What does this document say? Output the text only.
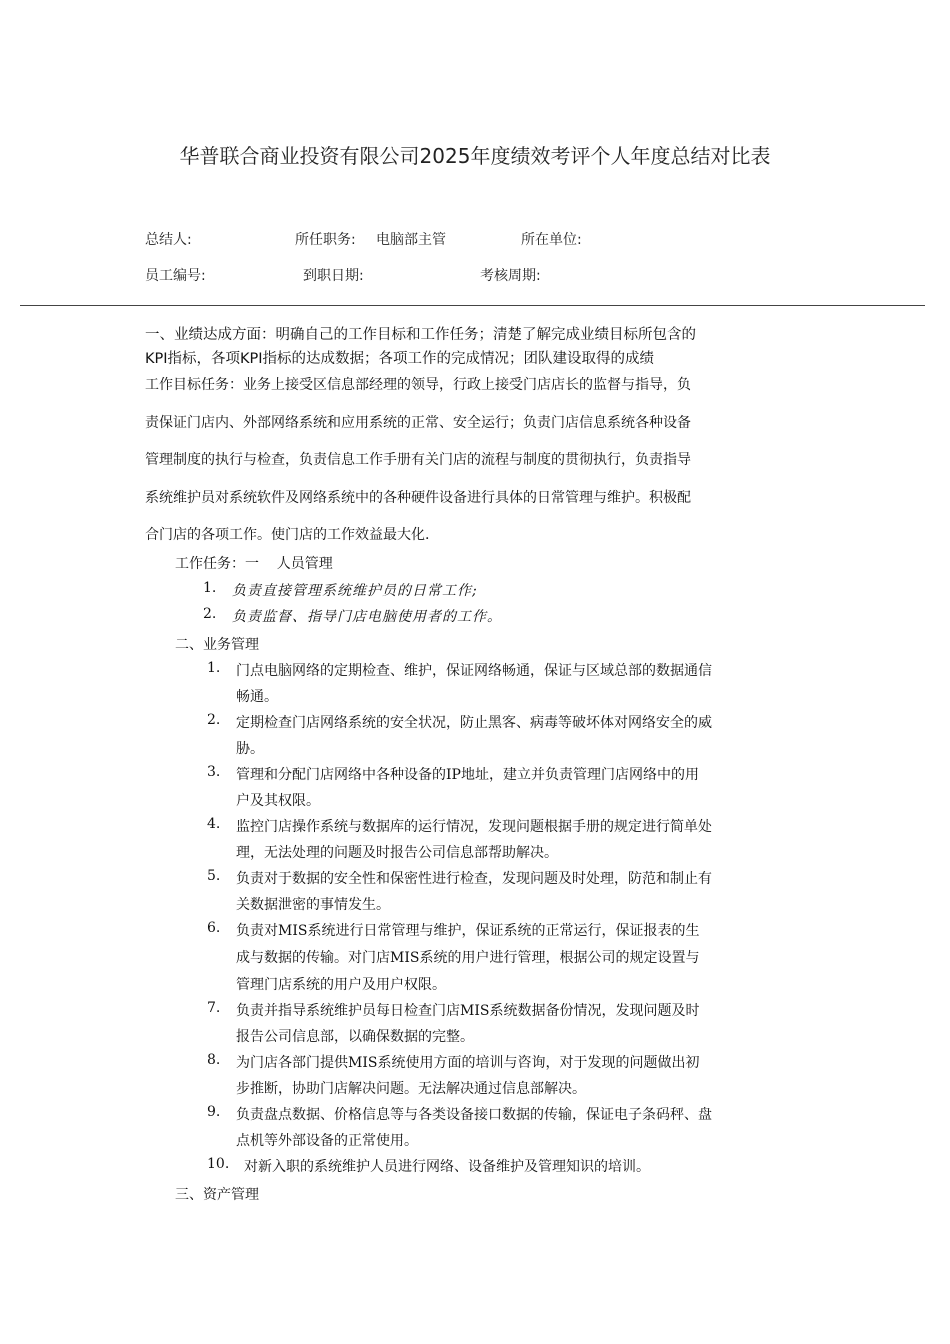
华普联合商业投资有限公司2025年度绩效考评个人年度总结对比表
总结人:	所任职务: 电脑部主管	所在单位:
员工编号:	到职日期:	考核周期:
一、业绩达成方面：明确自己的工作目标和工作任务；清楚了解完成业绩目标所包含的
KPI指标，各项KPI指标的达成数据；各项工作的完成情况；团队建设取得的成绩
工作目标任务：业务上接受区信息部经理的领导，行政上接受门店店长的监督与指导，负
责保证门店内、外部网络系统和应用系统的正常、安全运行；负责门店信息系统各种设备
管理制度的执行与检查，负责信息工作手册有关门店的流程与制度的贯彻执行，负责指导
系统维护员对系统软件及网络系统中的各种硬件设备进行具体的日常管理与维护。积极配
合门店的各项工作。使门店的工作效益最大化.
工作任务：一    人员管理
1. 负责直接管理系统维护员的日常工作;
2. 负责监督、指导门店电脑使用者的工作。
二、业务管理
1.	门点电脑网络的定期检查、维护，保证网络畅通，保证与区域总部的数据通信
畅通。
2.	定期检查门店网络系统的安全状况，防止黑客、病毒等破坏体对网络安全的威
胁。
3.	管理和分配门店网络中各种设备的IP地址，建立并负责管理门店网络中的用
户及其权限。
4.	监控门店操作系统与数据库的运行情况，发现问题根据手册的规定进行简单处
理，无法处理的问题及时报告公司信息部帮助解决。
5.	负责对于数据的安全性和保密性进行检查，发现问题及时处理，防范和制止有
关数据泄密的事情发生。
6.	负责对MIS系统进行日常管理与维护，保证系统的正常运行，保证报表的生
成与数据的传输。对门店MIS系统的用户进行管理，根据公司的规定设置与
管理门店系统的用户及用户权限。
7.	负责并指导系统维护员每日检查门店MIS系统数据备份情况，发现问题及时
报告公司信息部，以确保数据的完整。
8.	为门店各部门提供MIS系统使用方面的培训与咨询，对于发现的问题做出初
步推断，协助门店解决问题。无法解决通过信息部解决。
9.	负责盘点数据、价格信息等与各类设备接口数据的传输，保证电子条码秤、盘
点机等外部设备的正常使用。
10. 对新入职的系统维护人员进行网络、设备维护及管理知识的培训。
三、资产管理
